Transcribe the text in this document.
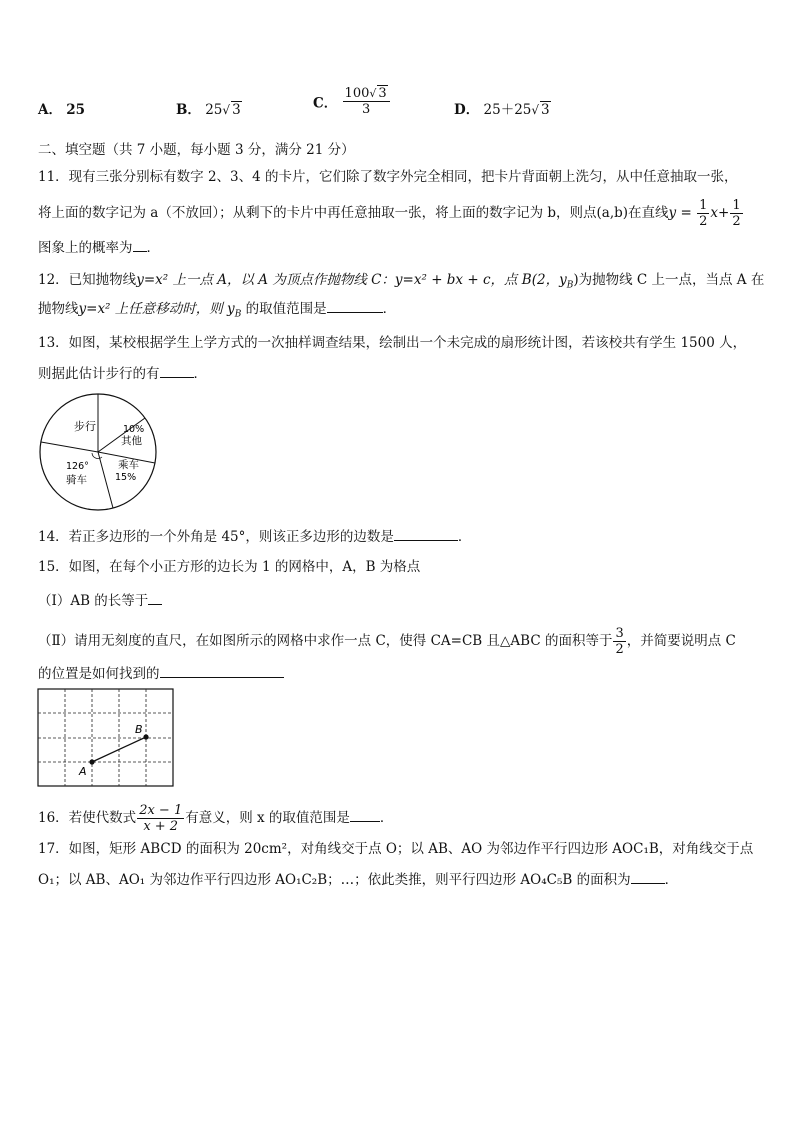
A． 25	B． 25√ 3	C． $\frac{100√ 3}{3}$	D． 25＋25√ 3
二、填空题（共 7 小题，每小题 3 分，满分 21 分）
11．现有三张分别标有数字 2、3、4 的卡片，它们除了数字外完全相同，把卡片背面朝上洗匀，从中任意抽取一张，
将上面的数字记为 a（不放回）；从剩下的卡片中再任意抽取一张，将上面的数字记为 b，则点(a,b)在直线$y = \frac{1}{2} x+ \frac{1}{2}$
图象上的概率为 ．
12．已知抛物线y=x² 上一点 A，以 A 为顶点作抛物线 C：y=x² + bx + c，点 B(2，$y_B$)为抛物线 C 上一点，当点 A 在
抛物线y=x² 上任意移动时，则 $y_B$ 的取值范围是	．
13．如图，某校根据学生上学方式的一次抽样调查结果，绘制出一个未完成的扇形统计图，若该校共有学生 1500 人，
则据此估计步行的有	．
步行	10%
其他
乘车
15%
126°
骑车
14．若正多边形的一个外角是 45°，则该正多边形的边数是	．
15．如图，在每个小正方形的边长为 1 的网格中，A，B 为格点
（Ⅰ）AB 的长等于
（Ⅱ）请用无刻度的直尺，在如图所示的网格中求作一点 C，使得 CA=CB 且△ABC 的面积等于 $\frac{3}{2}$ ，并简要说明点 C
的位置是如何找到的
A
B
16．若使代数式 $\frac{2x - 1}{x + 2}$ 有意义，则 x 的取值范围是 ．
17．如图，矩形 ABCD 的面积为 20cm²，对角线交于点 O；以 AB、AO 为邻边作平行四边形 AOC₁B，对角线交于点
O₁；以 AB、AO₁ 为邻边作平行四边形 AO₁C₂B；…；依此类推，则平行四边形 AO₄C₅B 的面积为	．
